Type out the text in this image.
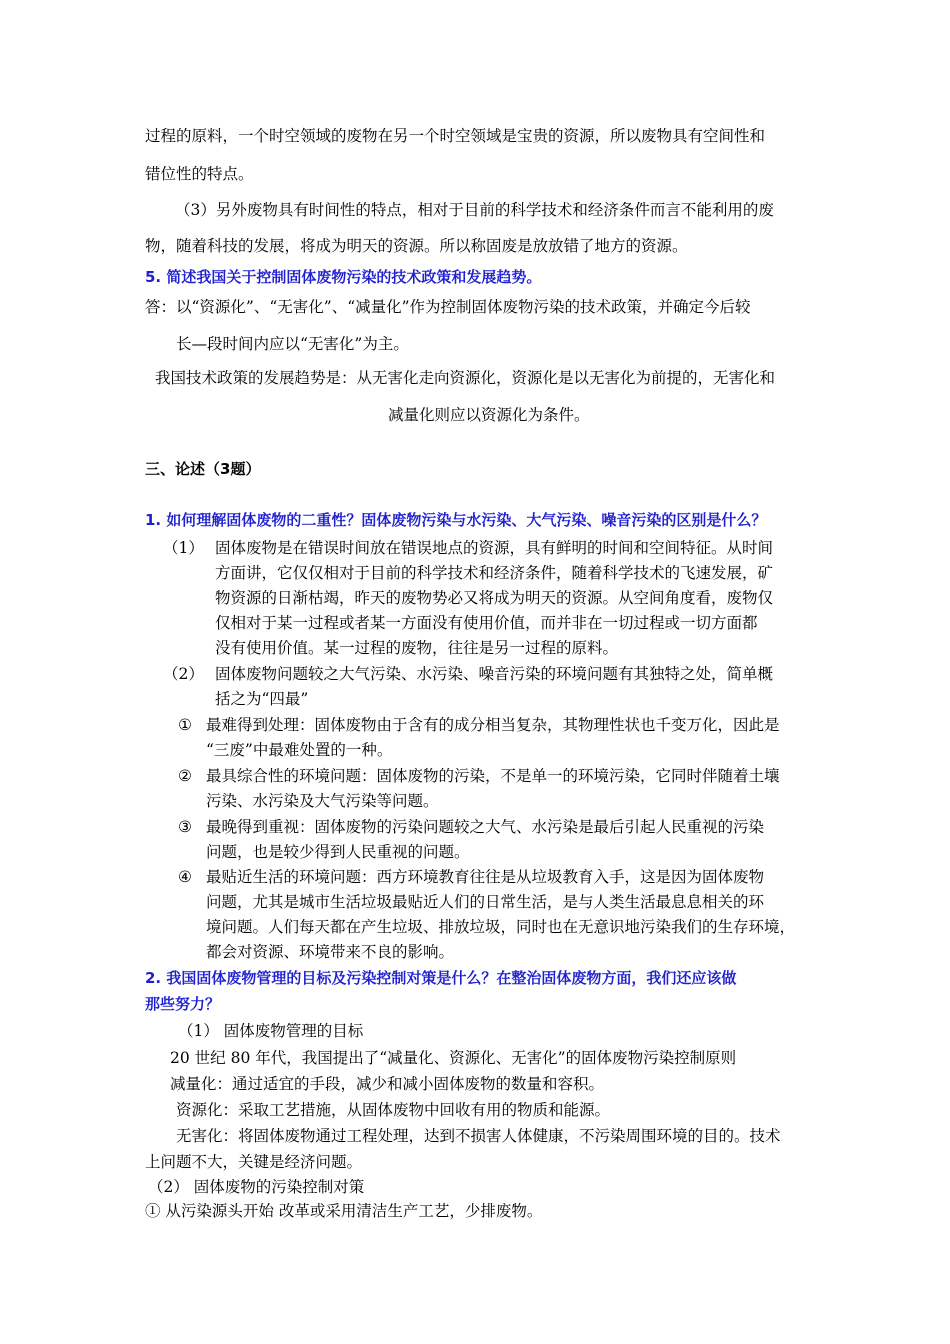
过程的原料，一个时空领域的废物在另一个时空领域是宝贵的资源，所以废物具有空间性和
错位性的特点。
（3）另外废物具有时间性的特点，相对于目前的科学技术和经济条件而言不能利用的废
物，随着科技的发展，将成为明天的资源。所以称固废是放放错了地方的资源。
5. 简述我国关于控制固体废物污染的技术政策和发展趋势。
答：以“资源化”、“无害化”、“减量化”作为控制固体废物污染的技术政策，并确定今后较
长—段时间内应以“无害化”为主。
我国技术政策的发展趋势是：从无害化走向资源化，资源化是以无害化为前提的，无害化和
减量化则应以资源化为条件。
三、论述（3题）
1. 如何理解固体废物的二重性？固体废物污染与水污染、大气污染、噪音污染的区别是什么？
（1） 固体废物是在错误时间放在错误地点的资源，具有鲜明的时间和空间特征。从时间
方面讲，它仅仅相对于目前的科学技术和经济条件，随着科学技术的飞速发展，矿
物资源的日渐枯竭，昨天的废物势必又将成为明天的资源。从空间角度看，废物仅
仅相对于某一过程或者某一方面没有使用价值，而并非在一切过程或一切方面都
没有使用价值。某一过程的废物，往往是另一过程的原料。
（2） 固体废物问题较之大气污染、水污染、噪音污染的环境问题有其独特之处，简单概
括之为“四最”
① 最难得到处理：固体废物由于含有的成分相当复杂，其物理性状也千变万化，因此是
“三废”中最难处置的一种。
② 最具综合性的环境问题：固体废物的污染，不是单一的环境污染，它同时伴随着土壤
污染、水污染及大气污染等问题。
③ 最晚得到重视：固体废物的污染问题较之大气、水污染是最后引起人民重视的污染
问题，也是较少得到人民重视的问题。
④ 最贴近生活的环境问题：西方环境教育往往是从垃圾教育入手，这是因为固体废物
问题，尤其是城市生活垃圾最贴近人们的日常生活，是与人类生活最息息相关的环
境问题。人们每天都在产生垃圾、排放垃圾，同时也在无意识地污染我们的生存环境，
都会对资源、环境带来不良的影响。
2. 我国固体废物管理的目标及污染控制对策是什么？在整治固体废物方面，我们还应该做
那些努力？
（1） 固体废物管理的目标
20 世纪 80 年代，我国提出了“减量化、资源化、无害化”的固体废物污染控制原则
减量化：通过适宜的手段，减少和减小固体废物的数量和容积。
资源化：采取工艺措施，从固体废物中回收有用的物质和能源。
无害化：将固体废物通过工程处理，达到不损害人体健康，不污染周围环境的目的。技术
上问题不大，关键是经济问题。
（2） 固体废物的污染控制对策
① 从污染源头开始 改革或采用清洁生产工艺，少排废物。
